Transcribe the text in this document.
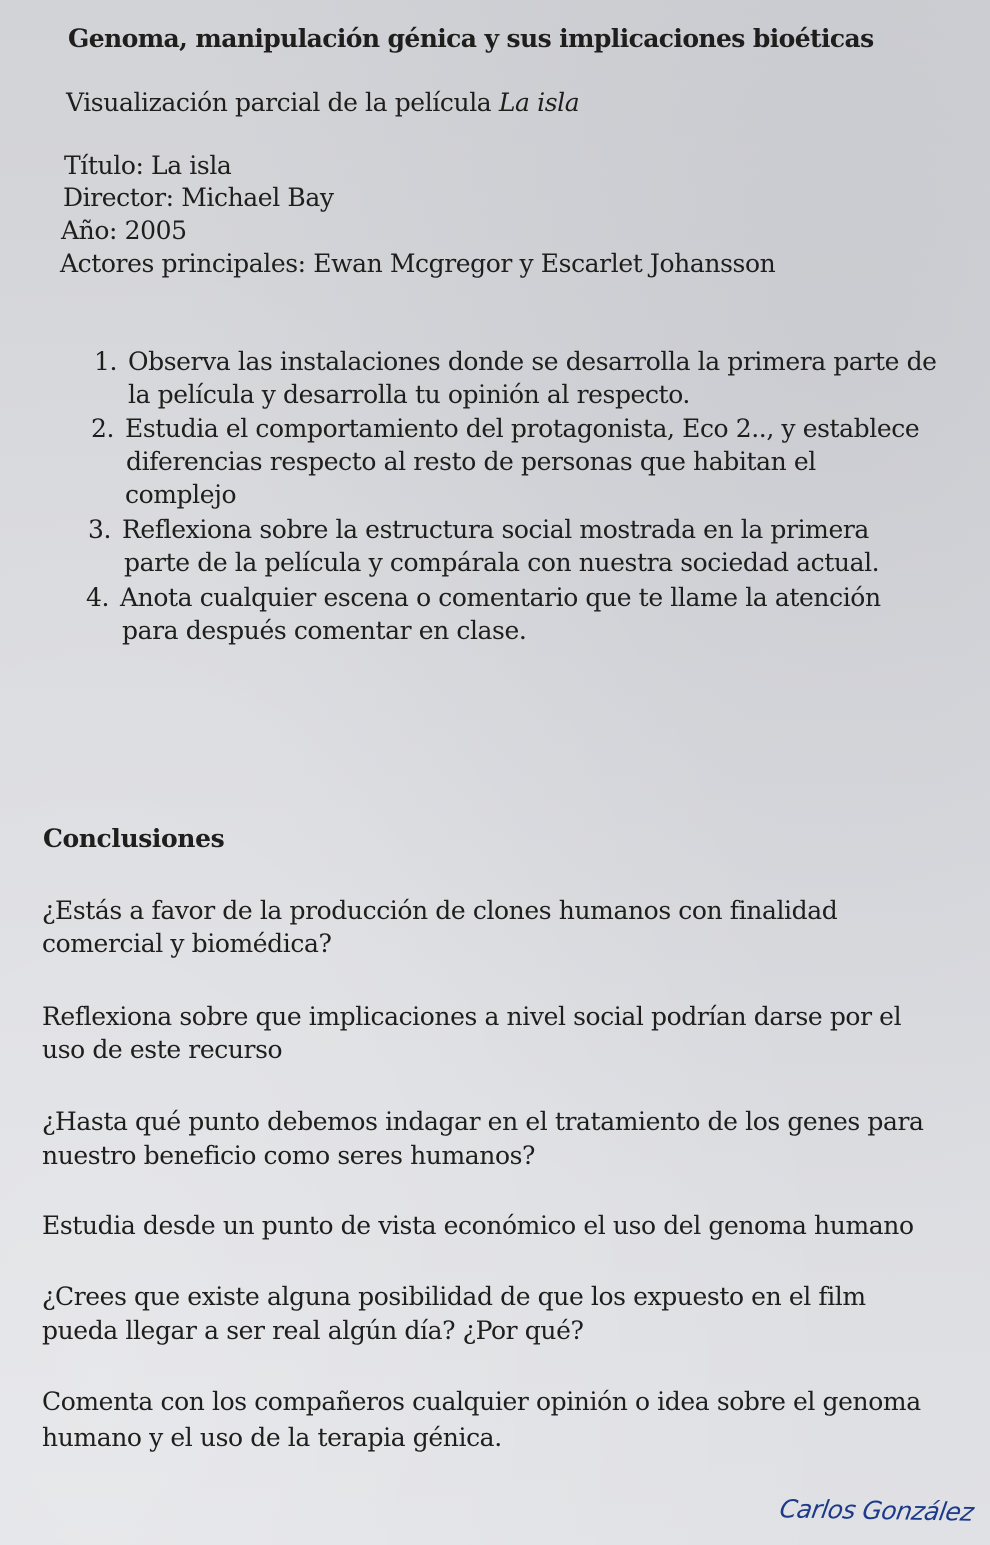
Genoma, manipulación génica y sus implicaciones bioéticas
Visualización parcial de la película La isla
Título: La isla
Director: Michael Bay
Año: 2005
Actores principales: Ewan Mcgregor y Escarlet Johansson
1. Observa las instalaciones donde se desarrolla la primera parte de
la película y desarrolla tu opinión al respecto.
2. Estudia el comportamiento del protagonista, Eco 2.., y establece
diferencias respecto al resto de personas que habitan el
complejo
3. Reflexiona sobre la estructura social mostrada en la primera
parte de la película y compárala con nuestra sociedad actual.
4. Anota cualquier escena o comentario que te llame la atención
para después comentar en clase.
Conclusiones
¿Estás a favor de la producción de clones humanos con finalidad
comercial y biomédica?
Reflexiona sobre que implicaciones a nivel social podrían darse por el
uso de este recurso
¿Hasta qué punto debemos indagar en el tratamiento de los genes para
nuestro beneficio como seres humanos?
Estudia desde un punto de vista económico el uso del genoma humano
¿Crees que existe alguna posibilidad de que los expuesto en el film
pueda llegar a ser real algún día? ¿Por qué?
Comenta con los compañeros cualquier opinión o idea sobre el genoma
humano y el uso de la terapia génica.
Carlos González
